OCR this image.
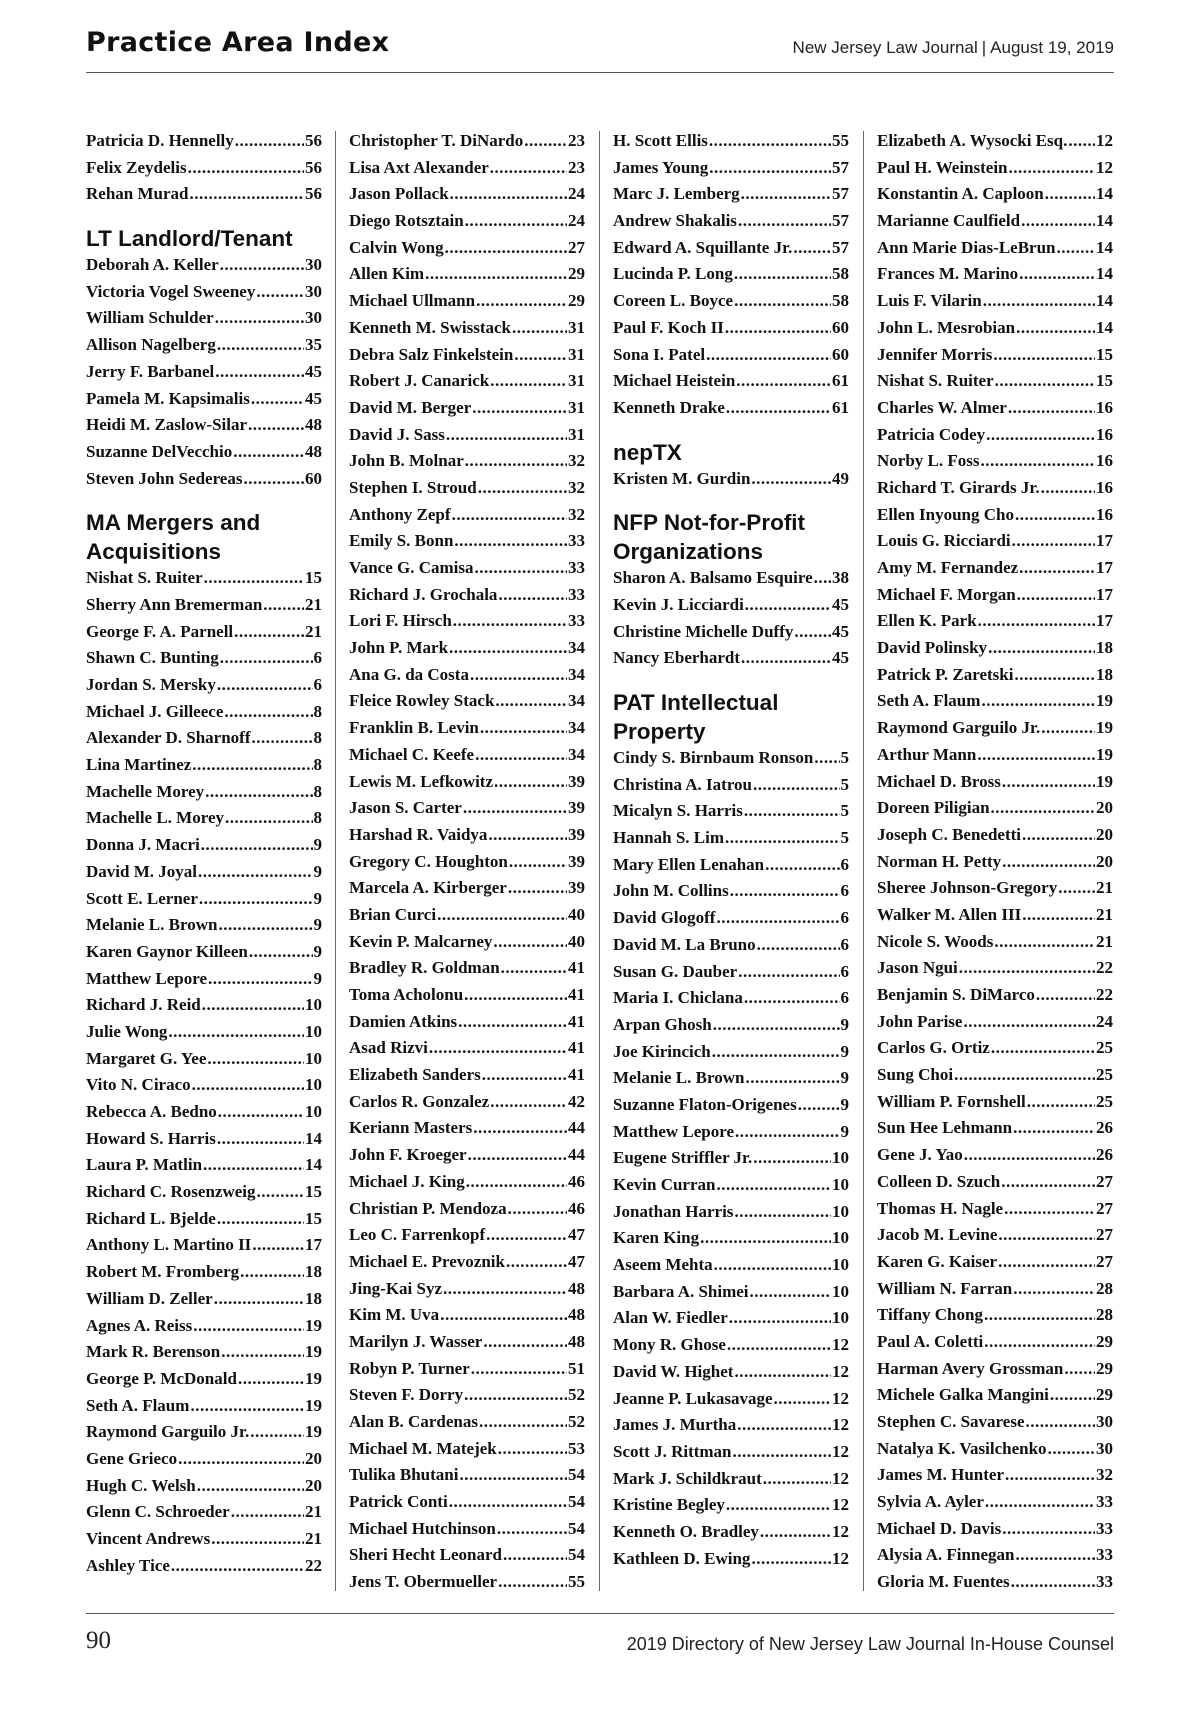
Practice Area Index	New Jersey Law Journal | August 19, 2019
Patricia D. Hennelly .....	56
Felix Zeydelis .....	56
Rehan Murad .....	56
LT Landlord/Tenant
Deborah A. Keller .....	30
Victoria Vogel Sweeney .....	30
William Schulder .....	30
Allison Nagelberg .....	35
Jerry F. Barbanel .....	45
Pamela M. Kapsimalis .....	45
Heidi M. Zaslow-Silar .....	48
Suzanne DelVecchio .....	48
Steven John Sedereas .....	60
MA Mergers and Acquisitions
Nishat S. Ruiter .....	15
Sherry Ann Bremerman .....	21
George F. A. Parnell .....	21
Shawn C. Bunting .....	6
Jordan S. Mersky .....	6
Michael J. Gilleece .....	8
Alexander D. Sharnoff .....	8
Lina Martinez .....	8
Machelle Morey .....	8
Machelle L. Morey .....	8
Donna J. Macri .....	9
David M. Joyal .....	9
Scott E. Lerner .....	9
Melanie L. Brown .....	9
Karen Gaynor Killeen .....	9
Matthew Lepore .....	9
Richard J. Reid .....	10
Julie Wong .....	10
Margaret G. Yee .....	10
Vito N. Ciraco .....	10
Rebecca A. Bedno .....	10
Howard S. Harris .....	14
Laura P. Matlin .....	14
Richard C. Rosenzweig .....	15
Richard L. Bjelde .....	15
Anthony L. Martino II .....	17
Robert M. Fromberg .....	18
William D. Zeller .....	18
Agnes A. Reiss .....	19
Mark R. Berenson .....	19
George P. McDonald .....	19
Seth A. Flaum .....	19
Raymond Garguilo Jr. .....	19
Gene Grieco .....	20
Hugh C. Welsh .....	20
Glenn C. Schroeder .....	21
Vincent Andrews .....	21
Ashley Tice .....	22
Christopher T. DiNardo .....	23
Lisa Axt Alexander .....	23
Jason Pollack .....	24
Diego Rotsztain .....	24
Calvin Wong .....	27
Allen Kim .....	29
Michael Ullmann .....	29
Kenneth M. Swisstack .....	31
Debra Salz Finkelstein .....	31
Robert J. Canarick .....	31
David M. Berger .....	31
David J. Sass .....	31
John B. Molnar .....	32
Stephen I. Stroud .....	32
Anthony Zepf .....	32
Emily S. Bonn .....	33
Vance G. Camisa .....	33
Richard J. Grochala .....	33
Lori F. Hirsch .....	33
John P. Mark .....	34
Ana G. da Costa .....	34
Fleice Rowley Stack .....	34
Franklin B. Levin .....	34
Michael C. Keefe .....	34
Lewis M. Lefkowitz .....	39
Jason S. Carter .....	39
Harshad R. Vaidya .....	39
Gregory C. Houghton .....	39
Marcela A. Kirberger .....	39
Brian Curci .....	40
Kevin P. Malcarney .....	40
Bradley R. Goldman .....	41
Toma Acholonu .....	41
Damien Atkins .....	41
Asad Rizvi .....	41
Elizabeth Sanders .....	41
Carlos R. Gonzalez .....	42
Keriann Masters .....	44
John F. Kroeger .....	44
Michael J. King .....	46
Christian P. Mendoza .....	46
Leo C. Farrenkopf .....	47
Michael E. Prevoznik .....	47
Jing-Kai Syz .....	48
Kim M. Uva .....	48
Marilyn J. Wasser .....	48
Robyn P. Turner .....	51
Steven F. Dorry .....	52
Alan B. Cardenas .....	52
Michael M. Matejek .....	53
Tulika Bhutani .....	54
Patrick Conti .....	54
Michael Hutchinson .....	54
Sheri Hecht Leonard .....	54
Jens T. Obermueller .....	55
H. Scott Ellis .....	55
James Young .....	57
Marc J. Lemberg .....	57
Andrew Shakalis .....	57
Edward A. Squillante Jr. ..... 57
Lucinda P. Long .....	58
Coreen L. Boyce .....	58
Paul F. Koch II .....	60
Sona I. Patel .....	60
Michael Heistein .....	61
Kenneth Drake .....	61
nepTX
Kristen M. Gurdin .....	49
NFP Not-for-Profit Organizations
Sharon A. Balsamo Esquire ..... 38
Kevin J. Licciardi .....	45
Christine Michelle Duffy ..... 45
Nancy Eberhardt .....	45
PAT Intellectual Property
Cindy S. Birnbaum Ronson ..... 5
Christina A. Iatrou .....	5
Micalyn S. Harris .....	5
Hannah S. Lim .....	5
Mary Ellen Lenahan .....	6
John M. Collins .....	6
David Glogoff .....	6
David M. La Bruno .....	6
Susan G. Dauber .....	6
Maria I. Chiclana .....	6
Arpan Ghosh .....	9
Joe Kirincich .....	9
Melanie L. Brown .....	9
Suzanne Flaton-Origenes .....	9
Matthew Lepore .....	9
Eugene Striffler Jr. .....	10
Kevin Curran .....	10
Jonathan Harris .....	10
Karen King .....	10
Aseem Mehta .....	10
Barbara A. Shimei .....	10
Alan W. Fiedler .....	10
Mony R. Ghose .....	12
David W. Highet .....	12
Jeanne P. Lukasavage .....	12
James J. Murtha .....	12
Scott J. Rittman .....	12
Mark J. Schildkraut .....	12
Kristine Begley .....	12
Kenneth O. Bradley .....	12
Kathleen D. Ewing .....	12
Elizabeth A. Wysocki Esq. ..... 12
Paul H. Weinstein .....	12
Konstantin A. Caploon .....	14
Marianne Caulfield .....	14
Ann Marie Dias-LeBrun ..... 14
Frances M. Marino .....	14
Luis F. Vilarin .....	14
John L. Mesrobian .....	14
Jennifer Morris .....	15
Nishat S. Ruiter .....	15
Charles W. Almer .....	16
Patricia Codey .....	16
Norby L. Foss .....	16
Richard T. Girards Jr. .....	16
Ellen Inyoung Cho .....	16
Louis G. Ricciardi .....	17
Amy M. Fernandez .....	17
Michael F. Morgan .....	17
Ellen K. Park .....	17
David Polinsky .....	18
Patrick P. Zaretski .....	18
Seth A. Flaum .....	19
Raymond Garguilo Jr. .....	19
Arthur Mann .....	19
Michael D. Bross .....	19
Doreen Piligian .....	20
Joseph C. Benedetti .....	20
Norman H. Petty .....	20
Sheree Johnson-Gregory ..... 21
Walker M. Allen III .....	21
Nicole S. Woods .....	21
Jason Ngui .....	22
Benjamin S. DiMarco .....	22
John Parise .....	24
Carlos G. Ortiz .....	25
Sung Choi .....	25
William P. Fornshell .....	25
Sun Hee Lehmann .....	26
Gene J. Yao .....	26
Colleen D. Szuch .....	27
Thomas H. Nagle .....	27
Jacob M. Levine .....	27
Karen G. Kaiser .....	27
William N. Farran .....	28
Tiffany Chong .....	28
Paul A. Coletti .....	29
Harman Avery Grossman ..... 29
Michele Galka Mangini .....	29
Stephen C. Savarese .....	30
Natalya K. Vasilchenko .....	30
James M. Hunter .....	32
Sylvia A. Ayler .....	33
Michael D. Davis .....	33
Alysia A. Finnegan .....	33
Gloria M. Fuentes .....	33
90	2019 Directory of New Jersey Law Journal In-House Counsel
